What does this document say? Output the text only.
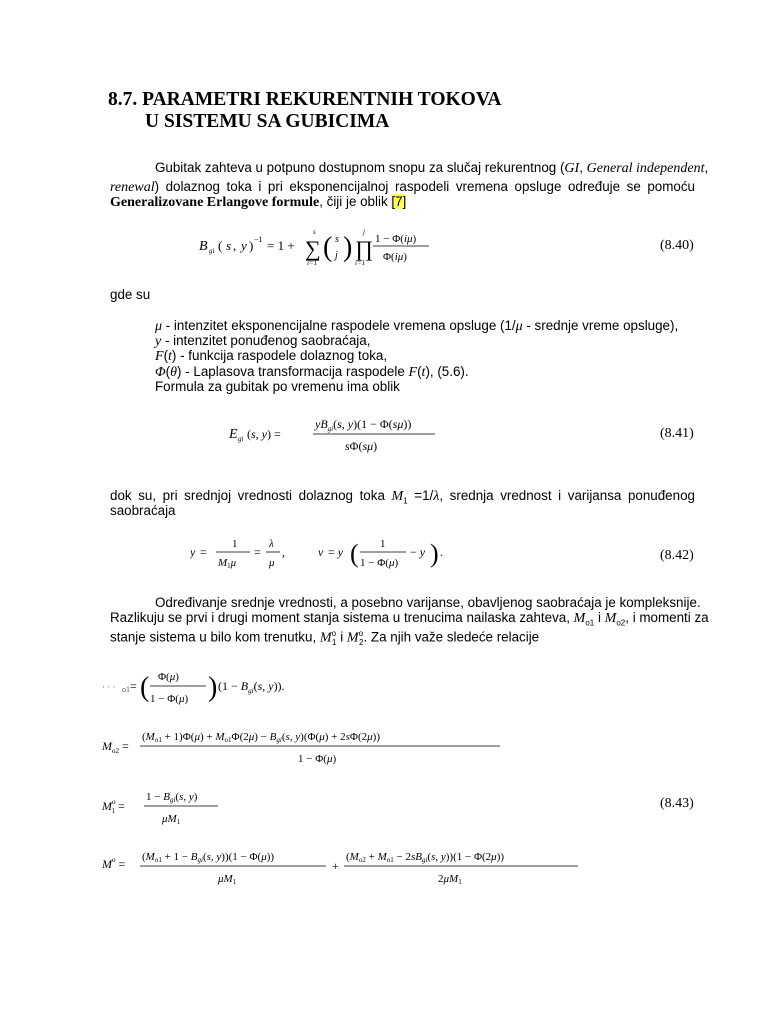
8.7. PARAMETRI REKURENTNIH TOKOVA
U SISTEMU SA GUBICIMA
Gubitak zahteva u potpuno dostupnom snopu za slučaj rekurentnog (GI, General independent,
renewal) dolaznog toka i pri eksponencijalnoj raspodeli vremena opsluge određuje se pomoću
Generalizovane Erlangove formule, čiji je oblik [7]
B gi ( s , y ) −1 = 1 + ∑
s
i=1 ( s
j ) ∏
j
i=1
1 − Φ(iμ)
Φ(iμ)
(8.40)
gde su
μ - intenzitet eksponencijalne raspodele vremena opsluge (1/μ - srednje vreme opsluge),
y - intenzitet ponuđenog saobraćaja,
F(t) - funkcija raspodele dolaznog toka,
Φ(θ) - Laplasova transformacija raspodele F(t), (5.6).
Formula za gubitak po vremenu ima oblik
E gi (s, y) =
$yB_{gi}(s$, y)(1 − Φ(sμ))
sΦ(sμ)
(8.41)
dok su, pri srednjoj vrednosti dolaznog toka $M_1 =1/\lambda$, srednja vrednost i varijansa ponuđenog
saobraćaja
y =
1
M1μ
=
λ
μ
,	v = y ( 1
1 − Φ(μ)
− y ) .	(8.42)
Određivanje srednje vrednosti, a posebno varijanse, obavljenog saobraćaja je kompleksnije.
Razlikuju se prvi i drugi moment stanja sistema u trenucima nailaska zahteva, $M_{o1}$ i $M_{o2}$, i momenti za
stanje sistema u bilo kom trenutku, $M^o_1$ i $M^o_2$. Za njih važe sledeće relacije
· · · o1 = ( Φ(μ)
1 − Φ(μ) ) ($1 - B_{gi}(s$, y)).
$M_{o2}$ =
(Mo1 + 1)Φ(μ) + Mo1Φ(2μ) − Bgi(s, y)(Φ(μ) + 2sΦ(2μ))
1 − Φ(μ)
$M^o$ 1 =
1 − Bgi(s, y)
μM1
(8.43)
$M^o = (Mo1 + 1 - Bgi(s$, y))(1 − Φ(μ))
μM1
+
(Mo2 + Mo1 − 2sBgi(s, y))(1 − Φ(2μ))
2μM1
